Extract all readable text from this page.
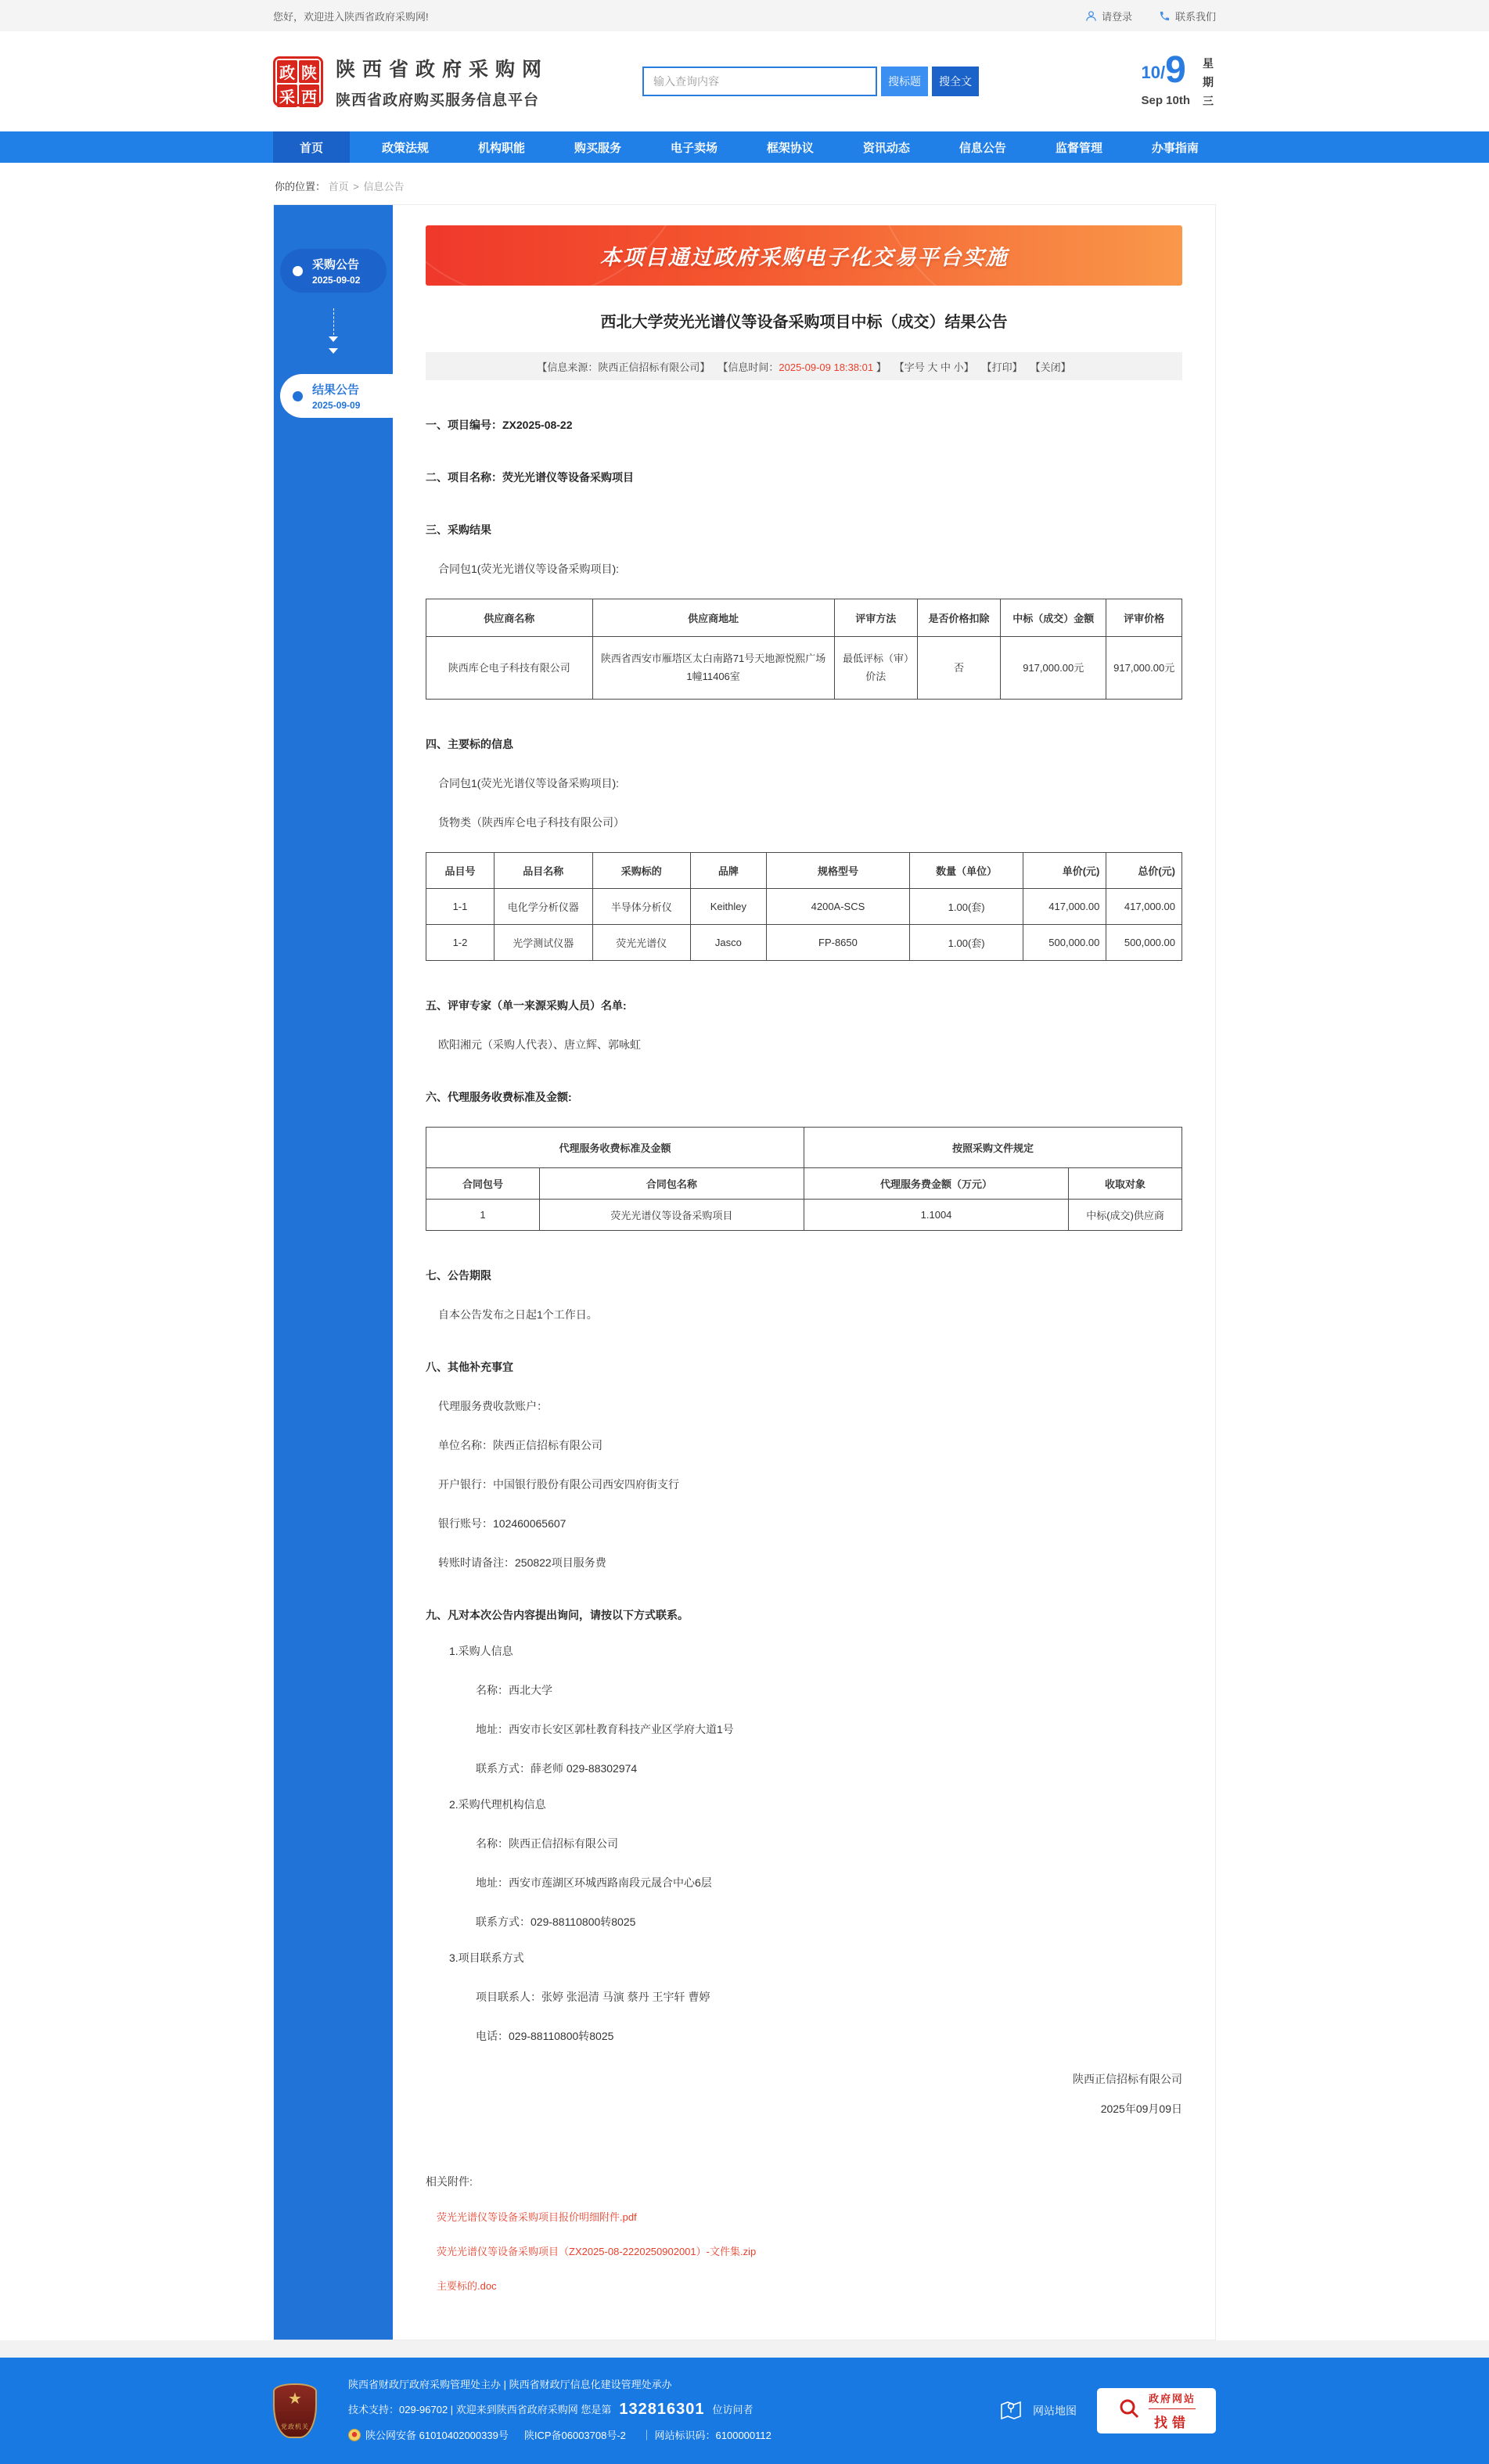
您好，欢迎进入陕西省政府采购网!	请登录	联系我们
政 陕
采 西
陕西省政府采购网
陕西省政府购买服务信息平台
输入查询内容
搜标题	搜全文	10/ 9
Sep 10th
星期三
首页	政策法规	机构职能	购买服务	电子卖场	框架协议	资讯动态	信息公告	监督管理	办事指南
你的位置： 首页 > 信息公告
采购公告
2025-09-02
结果公告
2025-09-09
本项目通过政府采购电子化交易平台实施
西北大学荧光光谱仪等设备采购项目中标（成交）结果公告
【信息来源：陕西正信招标有限公司】 【信息时间：2025-09-09 18:38:01 】 【字号 大 中 小】 【打印】 【关闭】
一、项目编号：ZX2025-08-22
二、项目名称：荧光光谱仪等设备采购项目
三、采购结果

合同包1(荧光光谱仪等设备采购项目):

供应商名称	供应商地址	评审方法	是否价格扣除	中标（成交）金额	评审价格
陕西库仑电子科技有限公司	陕西省西安市雁塔区太白南路71号天地源悦熙广场1幢11406室	最低评标（审）价法	否	917,000.00元	917,000.00元
四、主要标的信息

合同包1(荧光光谱仪等设备采购项目):

货物类（陕西库仑电子科技有限公司）

品目号	品目名称	采购标的	品牌	规格型号	数量（单位）	单价(元)	总价(元)
1-1	电化学分析仪器	半导体分析仪	Keithley	4200A-SCS	1.00(套)	417,000.00	417,000.00
1-2	光学测试仪器	荧光光谱仪	Jasco	FP-8650	1.00(套)	500,000.00	500,000.00
五、评审专家（单一来源采购人员）名单:

欧阳湘元（采购人代表）、唐立辉、郭咏虹

六、代理服务收费标准及金额:
代理服务收费标准及金额		按照采购文件规定	
合同包号	合同包名称	代理服务费金额（万元）	收取对象
1	荧光光谱仪等设备采购项目	1.1004	中标(成交)供应商
七、公告期限

自本公告发布之日起1个工作日。

八、其他补充事宜

代理服务费收款账户：

单位名称：陕西正信招标有限公司

开户银行：中国银行股份有限公司西安四府街支行

银行账号：102460065607

转账时请备注：250822项目服务费

九、凡对本次公告内容提出询问，请按以下方式联系。

1.采购人信息

名称：西北大学

地址：西安市长安区郭杜教育科技产业区学府大道1号

联系方式：薛老师 029-88302974

2.采购代理机构信息

名称：陕西正信招标有限公司

地址：西安市莲湖区环城西路南段元晟合中心6层

联系方式：029-88110800转8025

3.项目联系方式

项目联系人：张婷 张浥清 马演 蔡丹 王宇轩 曹婷

电话：029-88110800转8025

陕西正信招标有限公司
2025年09月09日
相关附件:
荧光光谱仪等设备采购项目报价明细附件.pdf
荧光光谱仪等设备采购项目（ZX2025-08-2220250902001）-文件集.zip
主要标的.doc
★
党政机关
陕西省财政厅政府采购管理处主办 | 陕西省财政厅信息化建设管理处承办
技术支持：029-96702 | 欢迎来到陕西省政府采购网 您是第 132816301 位访问者
陕公网安备 61010402000339号 陕ICP备06003708号-2 ｜ 网站标识码：6100000112
网站地图
政府网站
找错
